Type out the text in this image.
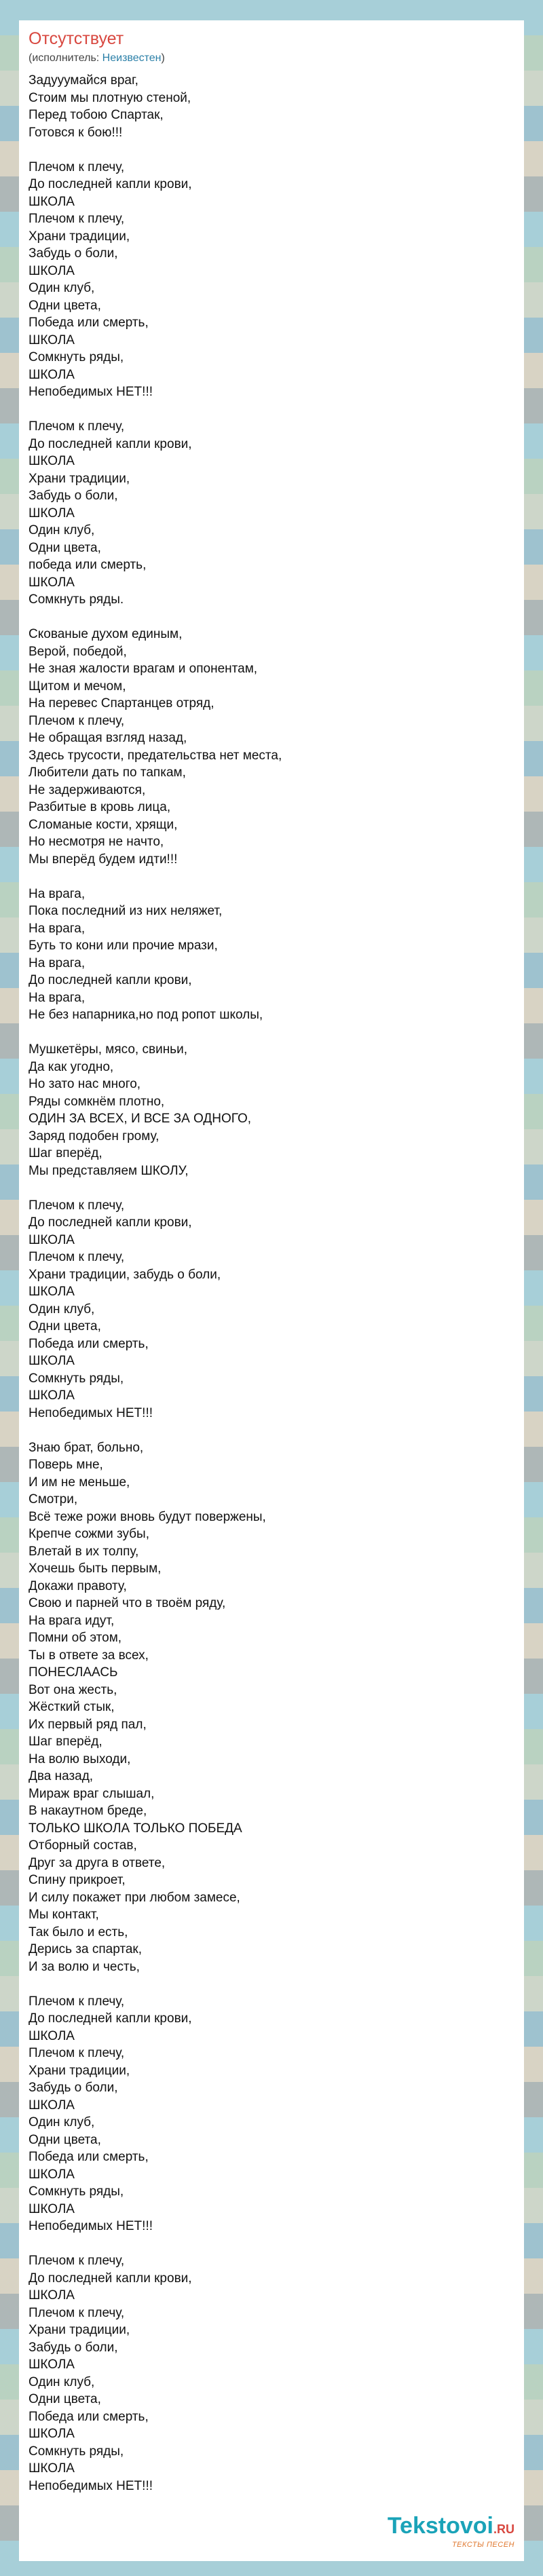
Отсутствует
(исполнитель: Неизвестен)
Задууумайся враг,
Стоим мы плотную стеной,
Перед тобою Спартак,
Готовся к бою!!!
Плечом к плечу,
До последней капли крови,
ШКОЛА
Плечом к плечу,
Храни традиции,
Забудь о боли,
ШКОЛА
Один клуб,
Одни цвета,
Победа или смерть,
ШКОЛА
Сомкнуть ряды,
ШКОЛА
Непобедимых НЕТ!!!
Плечом к плечу,
До последней капли крови,
ШКОЛА
Храни традиции,
Забудь о боли,
ШКОЛА
Один клуб,
Одни цвета,
победа или смерть,
ШКОЛА
Сомкнуть ряды.
Скованые духом единым,
Верой, победой,
Не зная жалости врагам и опонентам,
Щитом и мечом,
На перевес Спартанцев отряд,
Плечом к плечу,
Не обращая взгляд назад,
Здесь трусости, предательства нет места,
Любители дать по тапкам,
Не задерживаются,
Разбитые в кровь лица,
Сломаные кости, хрящи,
Но несмотря не начто,
Мы вперёд будем идти!!!
На врага,
Пока последний из них неляжет,
На врага,
Буть то кони или прочие мрази,
На врага,
До последней капли крови,
На врага,
Не без напарника,но под ропот школы,
Мушкетёры, мясо, свиньи,
Да как угодно,
Но зато нас много,
Ряды сомкнём плотно,
ОДИН ЗА ВСЕХ, И ВСЕ ЗА ОДНОГО,
Заряд подобен грому,
Шаг вперёд,
Мы представляем ШКОЛУ,
Плечом к плечу,
До последней капли крови,
ШКОЛА
Плечом к плечу,
Храни традиции, забудь о боли,
ШКОЛА
Один клуб,
Одни цвета,
Победа или смерть,
ШКОЛА
Сомкнуть ряды,
ШКОЛА
Непобедимых НЕТ!!!
Знаю брат, больно,
Поверь мне,
И им не меньше,
Смотри,
Всё теже рожи вновь будут повержены,
Крепче сожми зубы,
Влетай в их толпу,
Хочешь быть первым,
Докажи правоту,
Свою и парней что в твоём ряду,
На врага идут,
Помни об этом,
Ты в ответе за всех,
ПОНЕСЛААСЬ
Вот она жесть,
Жёсткий стык,
Их первый ряд пал,
Шаг вперёд,
На волю выходи,
Два назад,
Мираж враг слышал,
В накаутном бреде,
ТОЛЬКО ШКОЛА ТОЛЬКО ПОБЕДА
Отборный состав,
Друг за друга в ответе,
Спину прикроет,
И силу покажет при любом замесе,
Мы контакт,
Так было и есть,
Дерись за спартак,
И за волю и честь,
Плечом к плечу,
До последней капли крови,
ШКОЛА
Плечом к плечу,
Храни традиции,
Забудь о боли,
ШКОЛА
Один клуб,
Одни цвета,
Победа или смерть,
ШКОЛА
Сомкнуть ряды,
ШКОЛА
Непобедимых НЕТ!!!
Плечом к плечу,
До последней капли крови,
ШКОЛА
Плечом к плечу,
Храни традиции,
Забудь о боли,
ШКОЛА
Один клуб,
Одни цвета,
Победа или смерть,
ШКОЛА
Сомкнуть ряды,
ШКОЛА
Непобедимых НЕТ!!!
Tekstovoi.RU
ТЕКСТЫ ПЕСЕН
